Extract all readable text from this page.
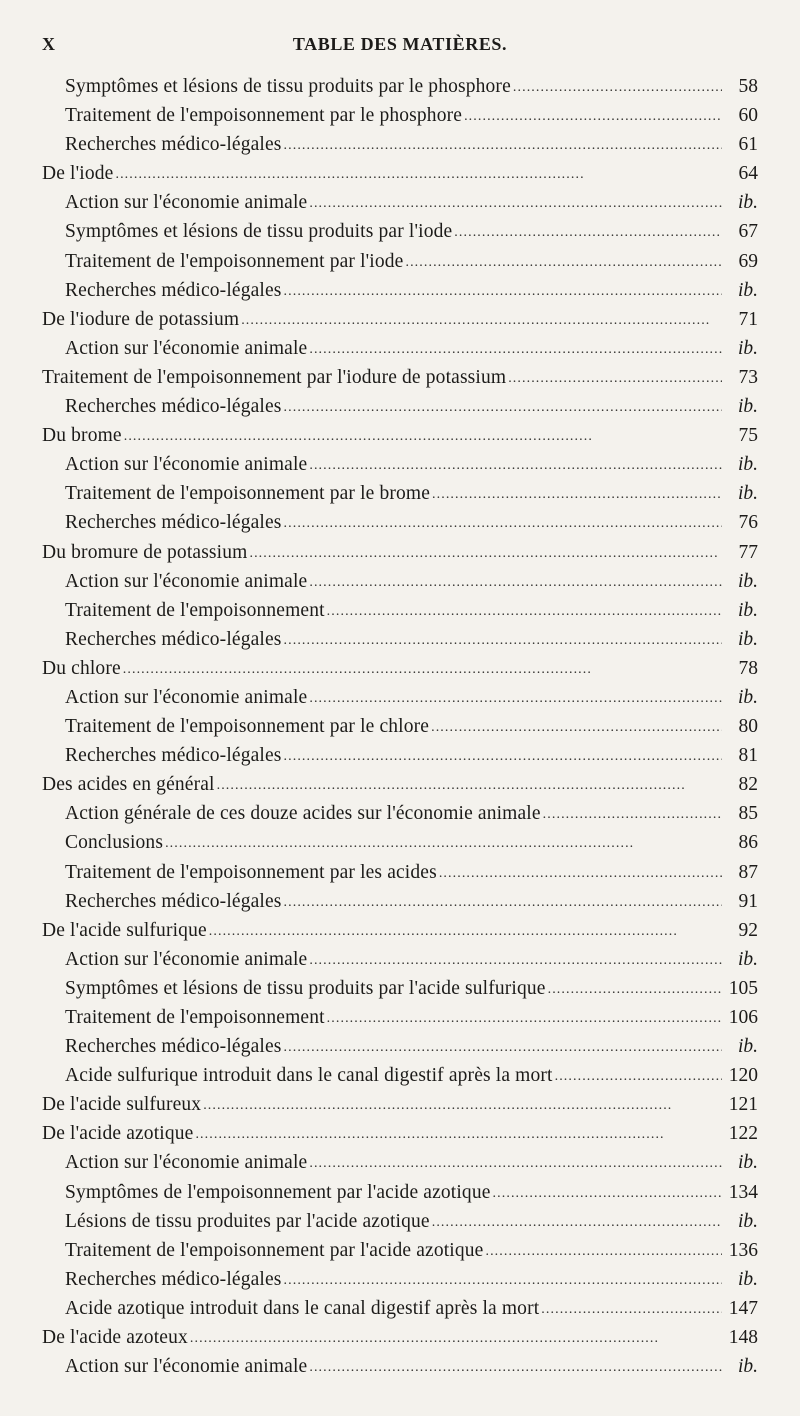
X	TABLE DES MATIÈRES.
Symptômes et lésions de tissu produits par le phosphore . . .	58
Traitement de l'empoisonnement par le phosphore . . .	60
Recherches médico-légales . . .	61
De l'iode . . .	64
Action sur l'économie animale . . .	ib.
Symptômes et lésions de tissu produits par l'iode . . .	67
Traitement de l'empoisonnement par l'iode . . .	69
Recherches médico-légales . . .	ib.
De l'iodure de potassium . . .	71
Action sur l'économie animale . . .	ib.
Traitement de l'empoisonnement par l'iodure de potassium . . .	73
Recherches médico-légales . . .	ib.
Du brome . . .	75
Action sur l'économie animale . . .	ib.
Traitement de l'empoisonnement par le brome . . .	ib.
Recherches médico-légales . . .	76
Du bromure de potassium . . .	77
Action sur l'économie animale . . .	ib.
Traitement de l'empoisonnement . . .	ib.
Recherches médico-légales . . .	ib.
Du chlore . . .	78
Action sur l'économie animale . . .	ib.
Traitement de l'empoisonnement par le chlore . . .	80
Recherches médico-légales . . .	81
Des acides en général . . .	82
Action générale de ces douze acides sur l'économie animale . . .	85
Conclusions . . .	86
Traitement de l'empoisonnement par les acides . . .	87
Recherches médico-légales . . .	91
De l'acide sulfurique . . .	92
Action sur l'économie animale . . .	ib.
Symptômes et lésions de tissu produits par l'acide sulfurique . . .	105
Traitement de l'empoisonnement . . .	106
Recherches médico-légales . . .	ib.
Acide sulfurique introduit dans le canal digestif après la mort . . .	120
De l'acide sulfureux . . .	121
De l'acide azotique . . .	122
Action sur l'économie animale . . .	ib.
Symptômes de l'empoisonnement par l'acide azotique . . .	134
Lésions de tissu produites par l'acide azotique . . .	ib.
Traitement de l'empoisonnement par l'acide azotique . . .	136
Recherches médico-légales . . .	ib.
Acide azotique introduit dans le canal digestif après la mort . . .	147
De l'acide azoteux . . .	148
Action sur l'économie animale . . .	ib.
